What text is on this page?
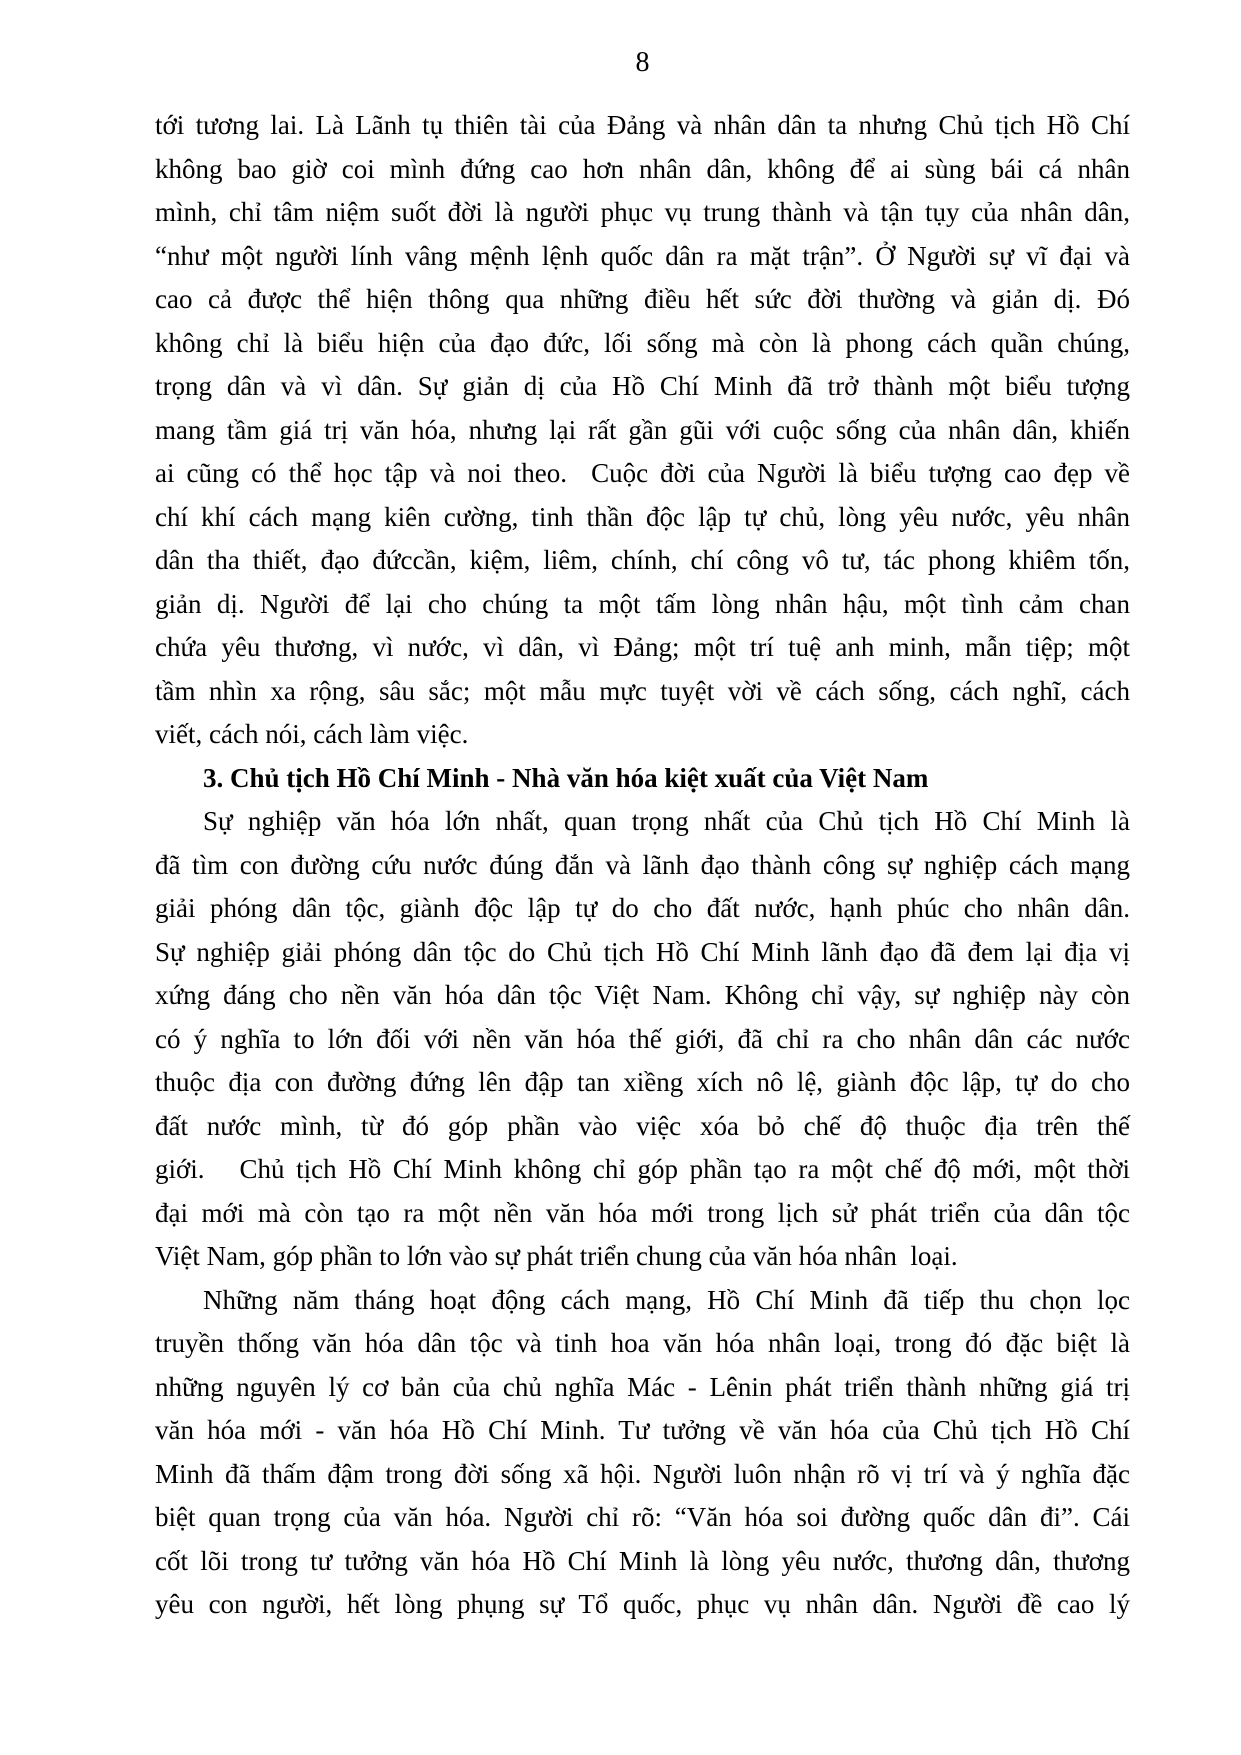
8
tới tương lai. Là Lãnh tụ thiên tài của Đảng và nhân dân ta nhưng Chủ tịch Hồ Chí
không bao giờ coi mình đứng cao hơn nhân dân, không để ai sùng bái cá nhân
mình, chỉ tâm niệm suốt đời là người phục vụ trung thành và tận tụy của nhân dân,
“như một người lính vâng mệnh lệnh quốc dân ra mặt trận”. Ở Người sự vĩ đại và
cao cả được thể hiện thông qua những điều hết sức đời thường và giản dị. Đó
không chỉ là biểu hiện của đạo đức, lối sống mà còn là phong cách quần chúng,
trọng dân và vì dân. Sự giản dị của Hồ Chí Minh đã trở thành một biểu tượng
mang tầm giá trị văn hóa, nhưng lại rất gần gũi với cuộc sống của nhân dân, khiến
ai cũng có thể học tập và noi theo.  Cuộc đời của Người là biểu tượng cao đẹp về
chí khí cách mạng kiên cường, tinh thần độc lập tự chủ, lòng yêu nước, yêu nhân
dân tha thiết, đạo đứccần, kiệm, liêm, chính, chí công vô tư, tác phong khiêm tốn,
giản dị. Người để lại cho chúng ta một tấm lòng nhân hậu, một tình cảm chan
chứa yêu thương, vì nước, vì dân, vì Đảng; một trí tuệ anh minh, mẫn tiệp; một
tầm nhìn xa rộng, sâu sắc; một mẫu mực tuyệt vời về cách sống, cách nghĩ, cách
viết, cách nói, cách làm việc.
3. Chủ tịch Hồ Chí Minh - Nhà văn hóa kiệt xuất của Việt Nam
Sự nghiệp văn hóa lớn nhất, quan trọng nhất của Chủ tịch Hồ Chí Minh là
đã tìm con đường cứu nước đúng đắn và lãnh đạo thành công sự nghiệp cách mạng
giải phóng dân tộc, giành độc lập tự do cho đất nước, hạnh phúc cho nhân dân.
Sự nghiệp giải phóng dân tộc do Chủ tịch Hồ Chí Minh lãnh đạo đã đem lại địa vị
xứng đáng cho nền văn hóa dân tộc Việt Nam. Không chỉ vậy, sự nghiệp này còn
có ý nghĩa to lớn đối với nền văn hóa thế giới, đã chỉ ra cho nhân dân các nước
thuộc địa con đường đứng lên đập tan xiềng xích nô lệ, giành độc lập, tự do cho
đất nước mình, từ đó góp phần vào việc xóa bỏ chế độ thuộc địa trên thế
giới.   Chủ tịch Hồ Chí Minh không chỉ góp phần tạo ra một chế độ mới, một thời
đại mới mà còn tạo ra một nền văn hóa mới trong lịch sử phát triển của dân tộc
Việt Nam, góp phần to lớn vào sự phát triển chung của văn hóa nhân  loại.
Những năm tháng hoạt động cách mạng, Hồ Chí Minh đã tiếp thu chọn lọc
truyền thống văn hóa dân tộc và tinh hoa văn hóa nhân loại, trong đó đặc biệt là
những nguyên lý cơ bản của chủ nghĩa Mác - Lênin phát triển thành những giá trị
văn hóa mới - văn hóa Hồ Chí Minh. Tư tưởng về văn hóa của Chủ tịch Hồ Chí
Minh đã thấm đậm trong đời sống xã hội. Người luôn nhận rõ vị trí và ý nghĩa đặc
biệt quan trọng của văn hóa. Người chỉ rõ: “Văn hóa soi đường quốc dân đi”. Cái
cốt lõi trong tư tưởng văn hóa Hồ Chí Minh là lòng yêu nước, thương dân, thương
yêu con người, hết lòng phụng sự Tổ quốc, phục vụ nhân dân. Người đề cao lý
